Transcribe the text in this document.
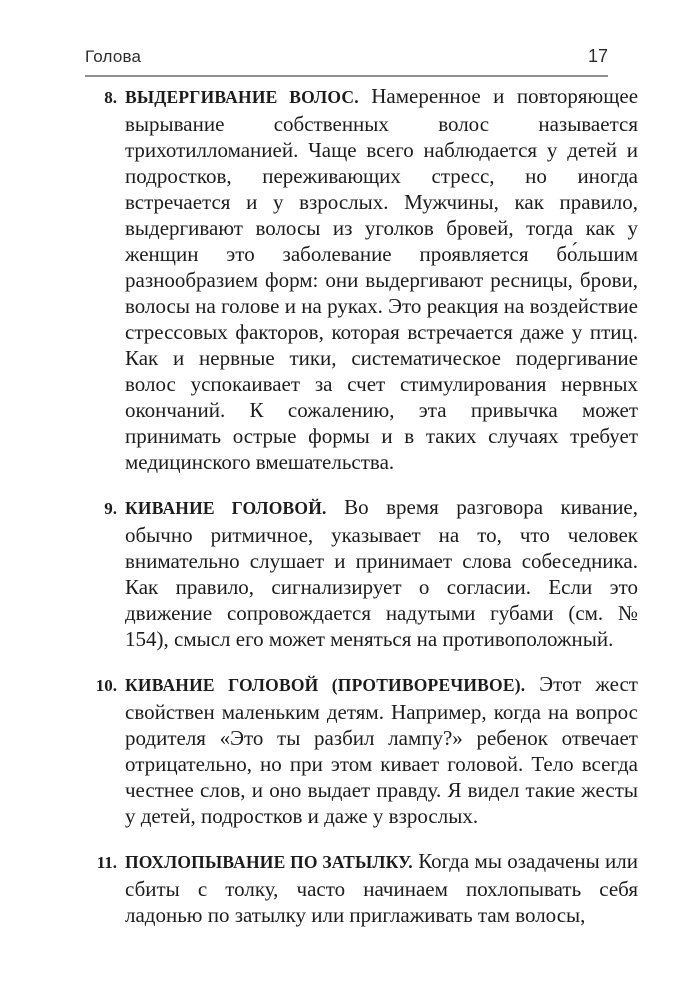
Голова	17

8. ВЫДЕРГИВАНИЕ ВОЛОС. Намеренное и повторяющее вырывание собственных волос называется трихотилломанией. Чаще всего наблюдается у детей и подростков, переживающих стресс, но иногда встречается и у взрослых. Мужчины, как правило, выдергивают волосы из уголков бровей, тогда как у женщин это заболевание проявляется бо́льшим разнообразием форм: они выдергивают ресницы, брови, волосы на голове и на руках. Это реакция на воздействие стрессовых факторов, которая встречается даже у птиц. Как и нервные тики, систематическое подергивание волос успокаивает за счет стимулирования нервных окончаний. К сожалению, эта привычка может принимать острые формы и в таких случаях требует медицинского вмешательства.

9. КИВАНИЕ ГОЛОВОЙ. Во время разговора кивание, обычно ритмичное, указывает на то, что человек внимательно слушает и принимает слова собеседника. Как правило, сигнализирует о согласии. Если это движение сопровождается надутыми губами (см. № 154), смысл его может меняться на противоположный.

10. КИВАНИЕ ГОЛОВОЙ (ПРОТИВОРЕЧИВОЕ). Этот жест свойствен маленьким детям. Например, когда на вопрос родителя «Это ты разбил лампу?» ребенок отвечает отрицательно, но при этом кивает головой. Тело всегда честнее слов, и оно выдает правду. Я видел такие жесты у детей, подростков и даже у взрослых.

11. ПОХЛОПЫВАНИЕ ПО ЗАТЫЛКУ. Когда мы озадачены или сбиты с толку, часто начинаем похлопывать себя ладонью по затылку или приглаживать там волосы,
